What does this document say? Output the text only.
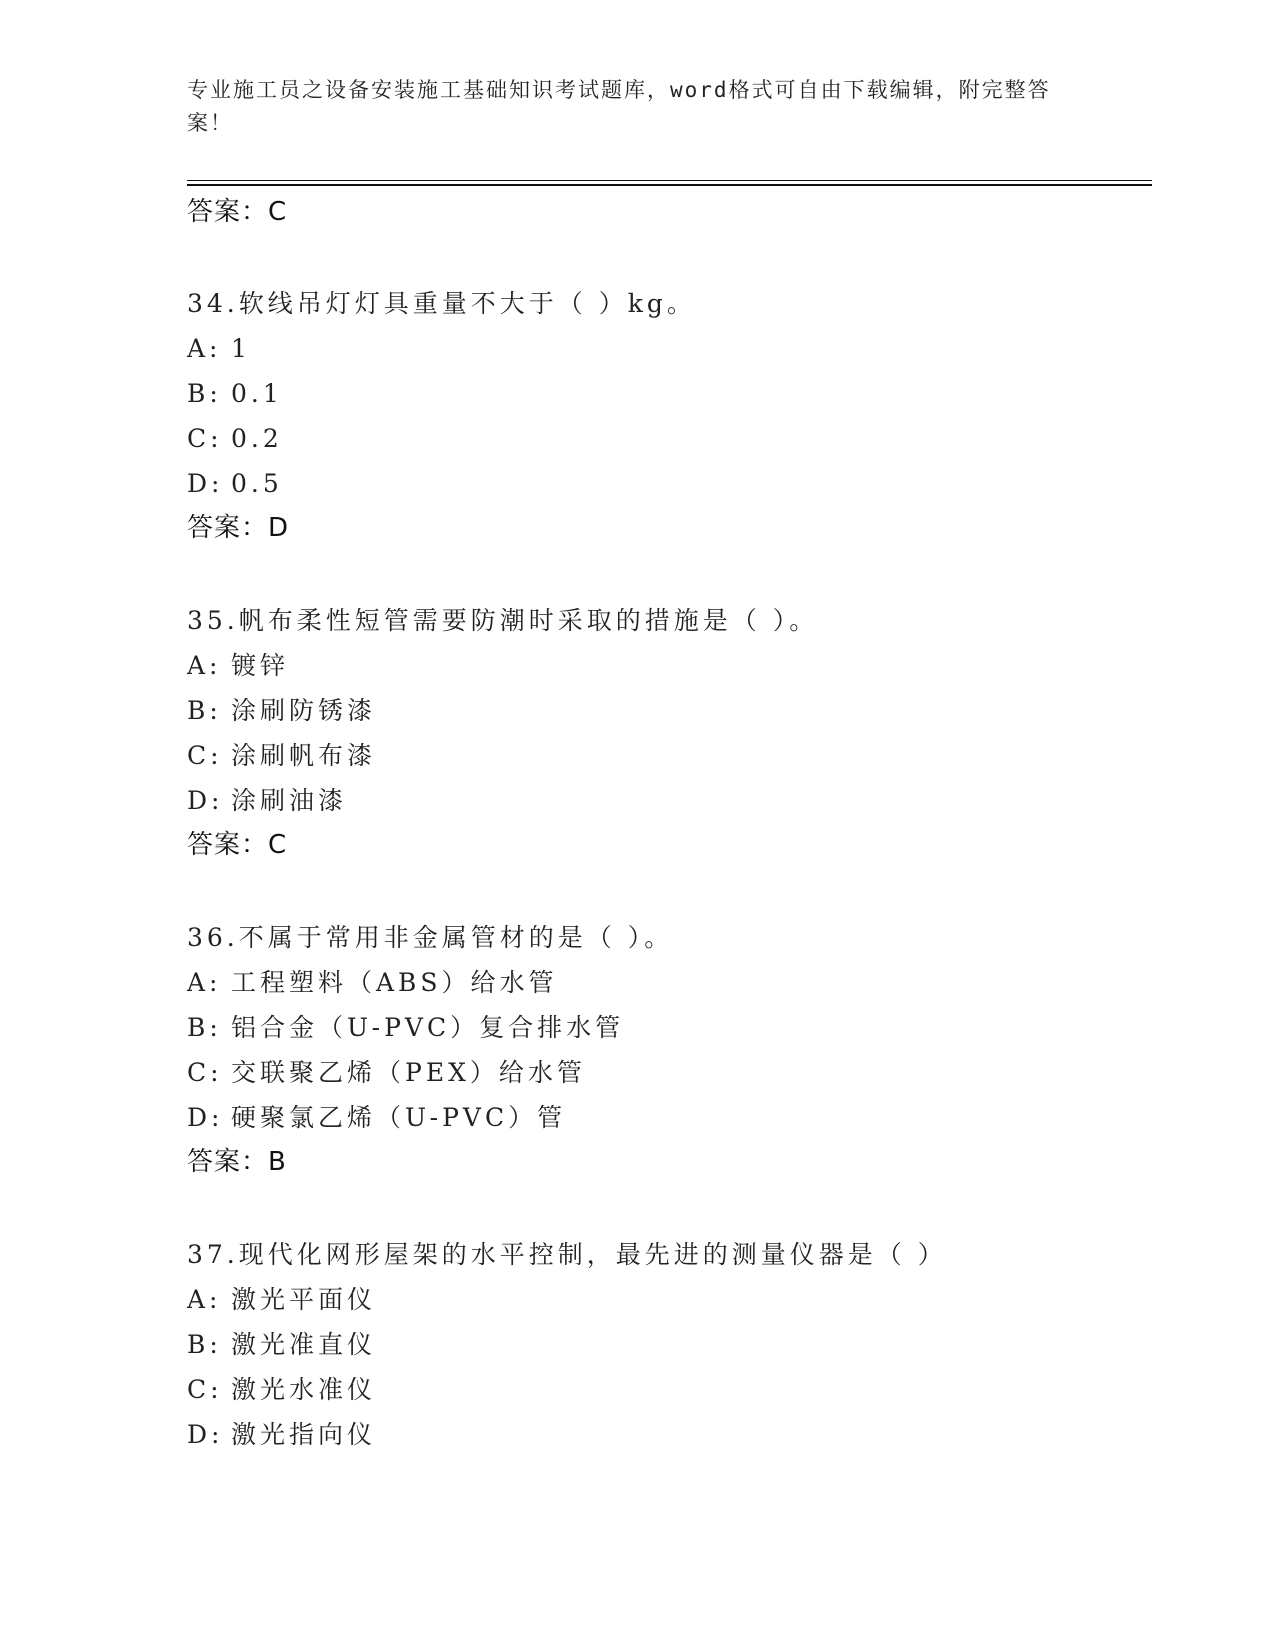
专业施工员之设备安装施工基础知识考试题库，word格式可自由下载编辑，附完整答案！
答案：C
34.软线吊灯灯具重量不大于（ ）kg。
A: 1
B: 0.1
C: 0.2
D: 0.5
答案：D
35.帆布柔性短管需要防潮时采取的措施是（ ）。
A: 镀锌
B: 涂刷防锈漆
C: 涂刷帆布漆
D: 涂刷油漆
答案：C
36.不属于常用非金属管材的是（ ）。
A: 工程塑料（ABS）给水管
B: 铝合金（U-PVC）复合排水管
C: 交联聚乙烯（PEX）给水管
D: 硬聚氯乙烯（U-PVC）管
答案：B
37.现代化网形屋架的水平控制，最先进的测量仪器是（ ）
A: 激光平面仪
B: 激光准直仪
C: 激光水准仪
D: 激光指向仪
